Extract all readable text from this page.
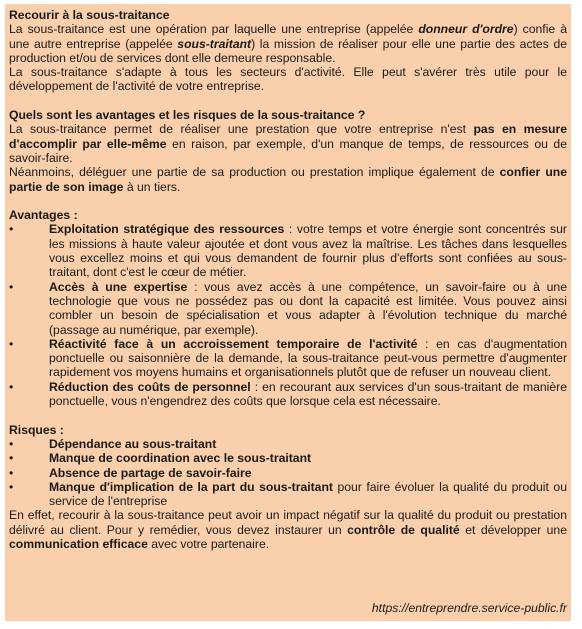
Recourir à la sous-traitance

La sous-traitance est une opération par laquelle une entreprise (appelée donneur d'ordre) confie à une autre entreprise (appelée sous-traitant) la mission de réaliser pour elle une partie des actes de production et/ou de services dont elle demeure responsable.

La sous-traitance s'adapte à tous les secteurs d'activité. Elle peut s'avérer très utile pour le développement de l'activité de votre entreprise.

Quels sont les avantages et les risques de la sous-traitance ?

La sous-traitance permet de réaliser une prestation que votre entreprise n'est pas en mesure d'accomplir par elle-même en raison, par exemple, d'un manque de temps, de ressources ou de savoir-faire.

Néanmoins, déléguer une partie de sa production ou prestation implique également de confier une partie de son image à un tiers.

Avantages :

•	Exploitation stratégique des ressources : votre temps et votre énergie sont concentrés sur les missions à haute valeur ajoutée et dont vous avez la maîtrise. Les tâches dans lesquelles vous excellez moins et qui vous demandent de fournir plus d'efforts sont confiées au sous-traitant, dont c'est le cœur de métier.
•	Accès à une expertise : vous avez accès à une compétence, un savoir-faire ou à une technologie que vous ne possédez pas ou dont la capacité est limitée. Vous pouvez ainsi combler un besoin de spécialisation et vous adapter à l'évolution technique du marché (passage au numérique, par exemple).
•	Réactivité face à un accroissement temporaire de l'activité : en cas d'augmentation ponctuelle ou saisonnière de la demande, la sous-traitance peut-vous permettre d'augmenter rapidement vos moyens humains et organisationnels plutôt que de refuser un nouveau client.
•	Réduction des coûts de personnel : en recourant aux services d'un sous-traitant de manière ponctuelle, vous n'engendrez des coûts que lorsque cela est nécessaire.

Risques :

•	Dépendance au sous-traitant
•	Manque de coordination avec le sous-traitant
•	Absence de partage de savoir-faire
•	Manque d'implication de la part du sous-traitant pour faire évoluer la qualité du produit ou service de l'entreprise

En effet, recourir à la sous-traitance peut avoir un impact négatif sur la qualité du produit ou prestation délivré au client. Pour y remédier, vous devez instaurer un contrôle de qualité et développer une communication efficace avec votre partenaire.

https://entreprendre.service-public.fr
